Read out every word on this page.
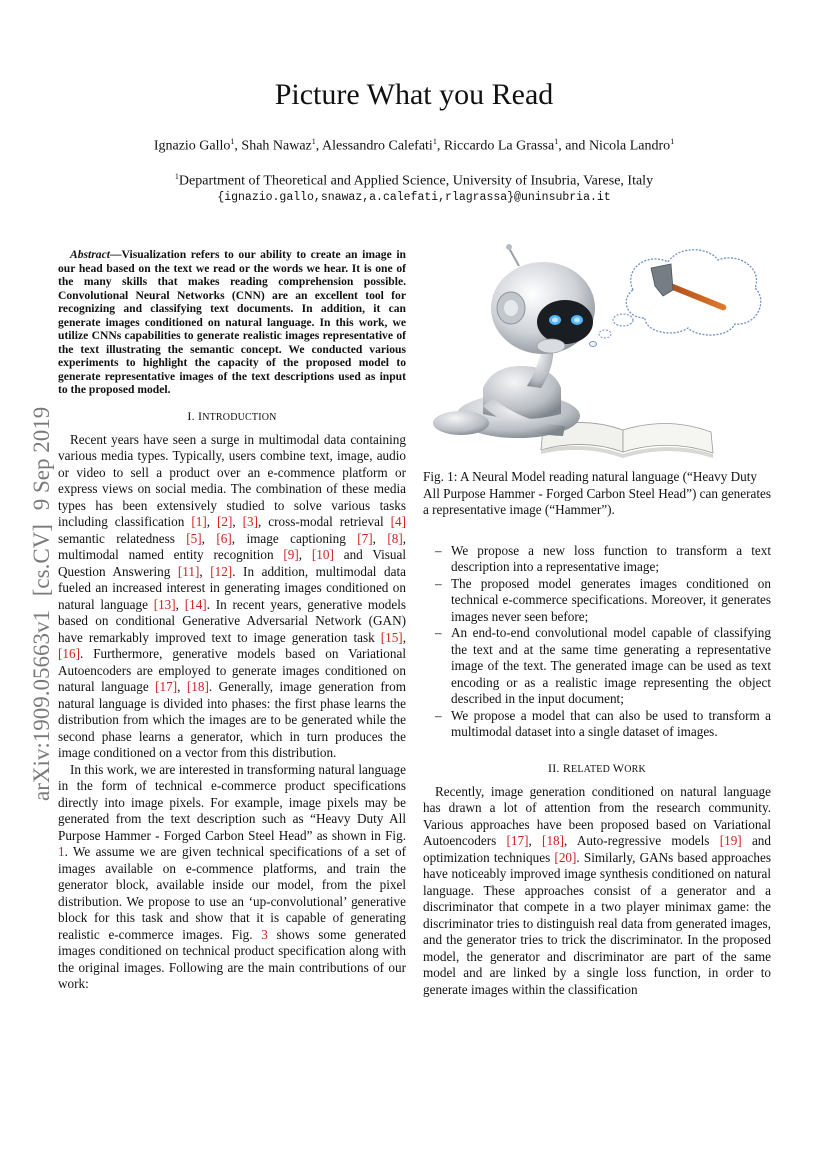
arXiv:1909.05663v1 [cs.CV] 9 Sep 2019
Picture What you Read
Ignazio Gallo$^1$, Shah Nawaz$^1$, Alessandro Calefati$^1$, Riccardo La Grassa$^1$, and Nicola Landro$^1$
$^1$Department of Theoretical and Applied Science, University of Insubria, Varese, Italy
{ignazio.gallo,snawaz,a.calefati,rlagrassa}@uninsubria.it

Abstract—Visualization refers to our ability to create an image in our head based on the text we read or the words we hear. It is one of the many skills that makes reading comprehension possible. Convolutional Neural Networks (CNN) are an excellent tool for recognizing and classifying text documents. In addition, it can generate images conditioned on natural language. In this work, we utilize CNNs capabilities to generate realistic images representative of the text illustrating the semantic concept. We conducted various experiments to highlight the capacity of the proposed model to generate representative images of the text descriptions used as input to the proposed model.

I. INTRODUCTION

Recent years have seen a surge in multimodal data containing various media types. Typically, users combine text, image, audio or video to sell a product over an e-commence platform or express views on social media. The combination of these media types has been extensively studied to solve various tasks including classification [1], [2], [3], cross-modal retrieval [4] semantic relatedness [5], [6], image captioning [7], [8], multimodal named entity recognition [9], [10] and Visual Question Answering [11], [12]. In addition, multimodal data fueled an increased interest in generating images conditioned on natural language [13], [14]. In recent years, generative models based on conditional Generative Adversarial Network (GAN) have remarkably improved text to image generation task [15], [16]. Furthermore, generative models based on Variational Autoencoders are employed to generate images conditioned on natural language [17], [18]. Generally, image generation from natural language is divided into phases: the first phase learns the distribution from which the images are to be generated while the second phase learns a generator, which in turn produces the image conditioned on a vector from this distribution.

In this work, we are interested in transforming natural language in the form of technical e-commerce product specifications directly into image pixels. For example, image pixels may be generated from the text description such as “Heavy Duty All Purpose Hammer - Forged Carbon Steel Head” as shown in Fig. 1. We assume we are given technical specifications of a set of images available on e-commence platforms, and train the generator block, available inside our model, from the pixel distribution. We propose to use an ‘up-convolutional’ generative block for this task and show that it is capable of generating realistic e-commerce images. Fig. 3 shows some generated images conditioned on technical product specification along with the original images. Following are the main contributions of our work:

Fig. 1: A Neural Model reading natural language (“Heavy Duty All Purpose Hammer - Forged Carbon Steel Head”) can generates a representative image (“Hammer”).

– We propose a new loss function to transform a text description into a representative image;
– The proposed model generates images conditioned on technical e-commerce specifications. Moreover, it generates images never seen before;
– An end-to-end convolutional model capable of classifying the text and at the same time generating a representative image of the text. The generated image can be used as text encoding or as a realistic image representing the object described in the input document;
– We propose a model that can also be used to transform a multimodal dataset into a single dataset of images.
II. RELATED WORK

Recently, image generation conditioned on natural language has drawn a lot of attention from the research community. Various approaches have been proposed based on Variational Autoencoders [17], [18], Auto-regressive models [19] and optimization techniques [20]. Similarly, GANs based approaches have noticeably improved image synthesis conditioned on natural language. These approaches consist of a generator and a discriminator that compete in a two player minimax game: the discriminator tries to distinguish real data from generated images, and the generator tries to trick the discriminator. In the proposed model, the generator and discriminator are part of the same model and are linked by a single loss function, in order to generate images within the classification
